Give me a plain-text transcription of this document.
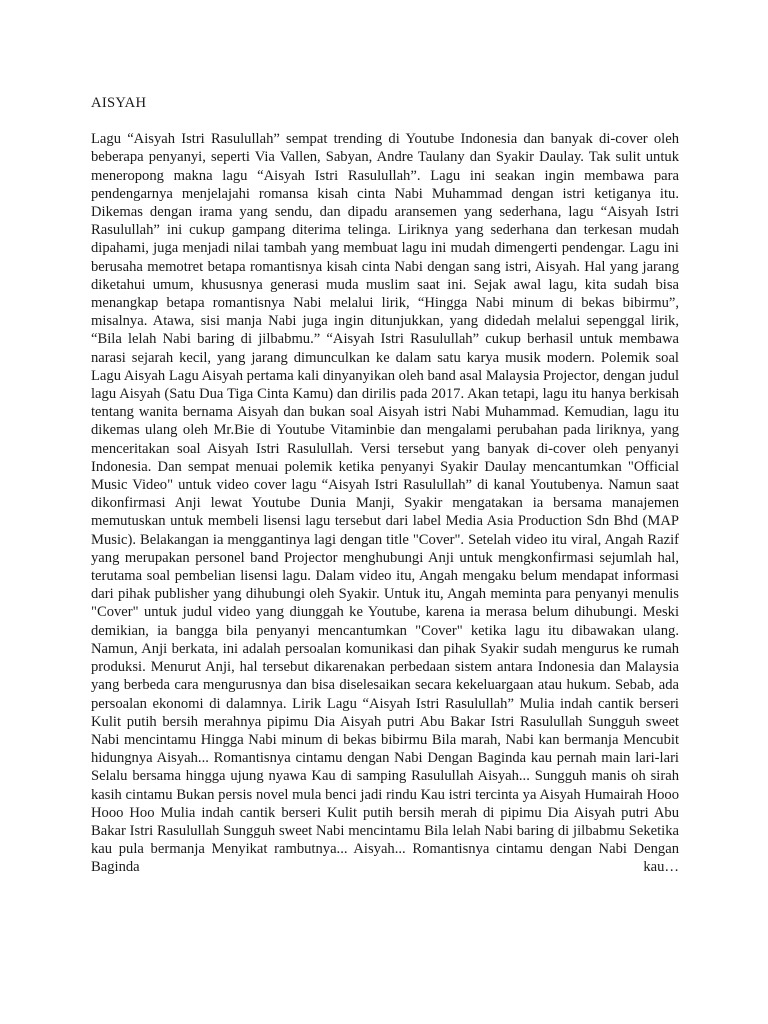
AISYAH

Lagu “Aisyah Istri Rasulullah” sempat trending di Youtube Indonesia dan banyak di-cover oleh beberapa penyanyi, seperti Via Vallen, Sabyan, Andre Taulany dan Syakir Daulay. Tak sulit untuk meneropong makna lagu “Aisyah Istri Rasulullah”. Lagu ini seakan ingin membawa para pendengarnya menjelajahi romansa kisah cinta Nabi Muhammad dengan istri ketiganya itu. Dikemas dengan irama yang sendu, dan dipadu aransemen yang sederhana, lagu “Aisyah Istri Rasulullah” ini cukup gampang diterima telinga. Liriknya yang sederhana dan terkesan mudah dipahami, juga menjadi nilai tambah yang membuat lagu ini mudah dimengerti pendengar. Lagu ini berusaha memotret betapa romantisnya kisah cinta Nabi dengan sang istri, Aisyah. Hal yang jarang diketahui umum, khususnya generasi muda muslim saat ini. Sejak awal lagu, kita sudah bisa menangkap betapa romantisnya Nabi melalui lirik, “Hingga Nabi minum di bekas bibirmu”, misalnya. Atawa, sisi manja Nabi juga ingin ditunjukkan, yang didedah melalui sepenggal lirik, “Bila lelah Nabi baring di jilbabmu.” “Aisyah Istri Rasulullah” cukup berhasil untuk membawa narasi sejarah kecil, yang jarang dimunculkan ke dalam satu karya musik modern. Polemik soal Lagu Aisyah Lagu Aisyah pertama kali dinyanyikan oleh band asal Malaysia Projector, dengan judul lagu Aisyah (Satu Dua Tiga Cinta Kamu) dan dirilis pada 2017. Akan tetapi, lagu itu hanya berkisah tentang wanita bernama Aisyah dan bukan soal Aisyah istri Nabi Muhammad. Kemudian, lagu itu dikemas ulang oleh Mr.Bie di Youtube Vitaminbie dan mengalami perubahan pada liriknya, yang menceritakan soal Aisyah Istri Rasulullah. Versi tersebut yang banyak di-cover oleh penyanyi Indonesia. Dan sempat menuai polemik ketika penyanyi Syakir Daulay mencantumkan "Official Music Video" untuk video cover lagu “Aisyah Istri Rasulullah” di kanal Youtubenya. Namun saat dikonfirmasi Anji lewat Youtube Dunia Manji, Syakir mengatakan ia bersama manajemen memutuskan untuk membeli lisensi lagu tersebut dari label Media Asia Production Sdn Bhd (MAP Music). Belakangan ia menggantinya lagi dengan title "Cover". Setelah video itu viral, Angah Razif yang merupakan personel band Projector menghubungi Anji untuk mengkonfirmasi sejumlah hal, terutama soal pembelian lisensi lagu. Dalam video itu, Angah mengaku belum mendapat informasi dari pihak publisher yang dihubungi oleh Syakir. Untuk itu, Angah meminta para penyanyi menulis "Cover" untuk judul video yang diunggah ke Youtube, karena ia merasa belum dihubungi. Meski demikian, ia bangga bila penyanyi mencantumkan "Cover" ketika lagu itu dibawakan ulang. Namun, Anji berkata, ini adalah persoalan komunikasi dan pihak Syakir sudah mengurus ke rumah produksi. Menurut Anji, hal tersebut dikarenakan perbedaan sistem antara Indonesia dan Malaysia yang berbeda cara mengurusnya dan bisa diselesaikan secara kekeluargaan atau hukum. Sebab, ada persoalan ekonomi di dalamnya. Lirik Lagu “Aisyah Istri Rasulullah” Mulia indah cantik berseri Kulit putih bersih merahnya pipimu Dia Aisyah putri Abu Bakar Istri Rasulullah Sungguh sweet Nabi mencintamu Hingga Nabi minum di bekas bibirmu Bila marah, Nabi kan bermanja Mencubit hidungnya Aisyah... Romantisnya cintamu dengan Nabi Dengan Baginda kau pernah main lari-lari Selalu bersama hingga ujung nyawa Kau di samping Rasulullah Aisyah... Sungguh manis oh sirah kasih cintamu Bukan persis novel mula benci jadi rindu Kau istri tercinta ya Aisyah Humairah Hooo Hooo Hoo Mulia indah cantik berseri Kulit putih bersih merah di pipimu Dia Aisyah putri Abu Bakar Istri Rasulullah Sungguh sweet Nabi mencintamu Bila lelah Nabi baring di jilbabmu Seketika kau pula bermanja Menyikat rambutnya... Aisyah... Romantisnya cintamu dengan Nabi Dengan Baginda kau…
